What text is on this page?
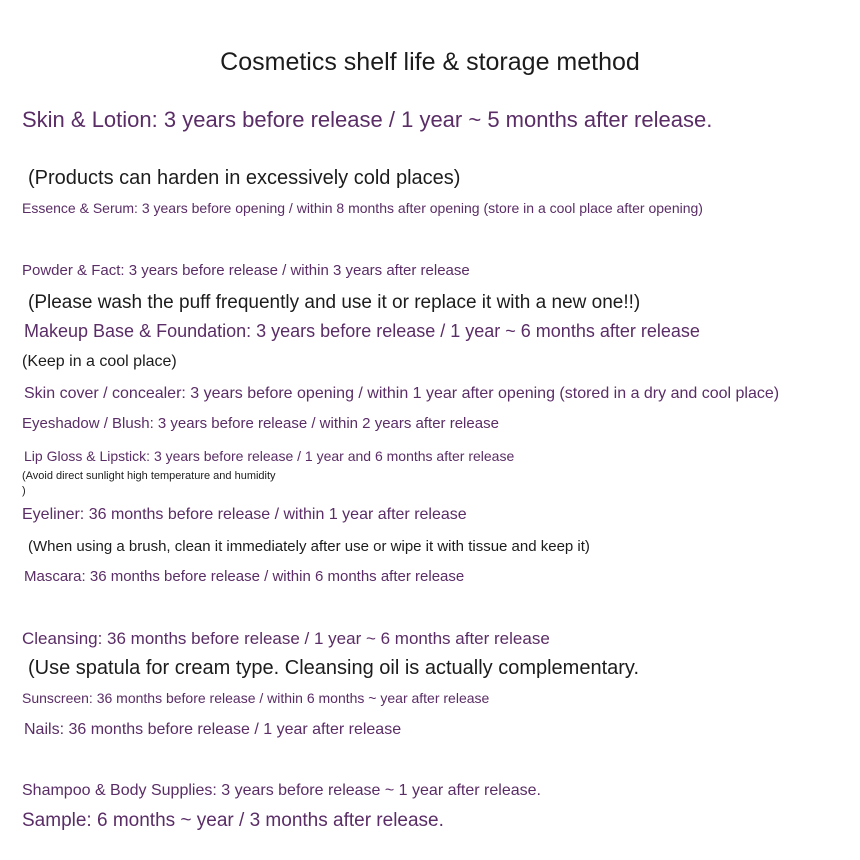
Cosmetics shelf life & storage method
Skin & Lotion: 3 years before release / 1 year ~ 5 months after release.
(Products can harden in excessively cold places)
Essence & Serum: 3 years before opening / within 8 months after opening (store in a cool place after opening)
Powder & Fact: 3 years before release / within 3 years after release
(Please wash the puff frequently and use it or replace it with a new one!!)
Makeup Base & Foundation: 3 years before release / 1 year ~ 6 months after release
(Keep in a cool place)
Skin cover / concealer: 3 years before opening / within 1 year after opening (stored in a dry and cool place)
Eyeshadow / Blush: 3 years before release / within 2 years after release
Lip Gloss & Lipstick: 3 years before release / 1 year and 6 months after release
(Avoid direct sunlight high temperature and humidity
)
Eyeliner: 36 months before release / within 1 year after release
(When using a brush, clean it immediately after use or wipe it with tissue and keep it)
Mascara: 36 months before release / within 6 months after release
Cleansing: 36 months before release / 1 year ~ 6 months after release
(Use spatula for cream type. Cleansing oil is actually complementary.
Sunscreen: 36 months before release / within 6 months ~ year after release
Nails: 36 months before release / 1 year after release
Shampoo & Body Supplies: 3 years before release ~ 1 year after release.
Sample: 6 months ~ year / 3 months after release.
